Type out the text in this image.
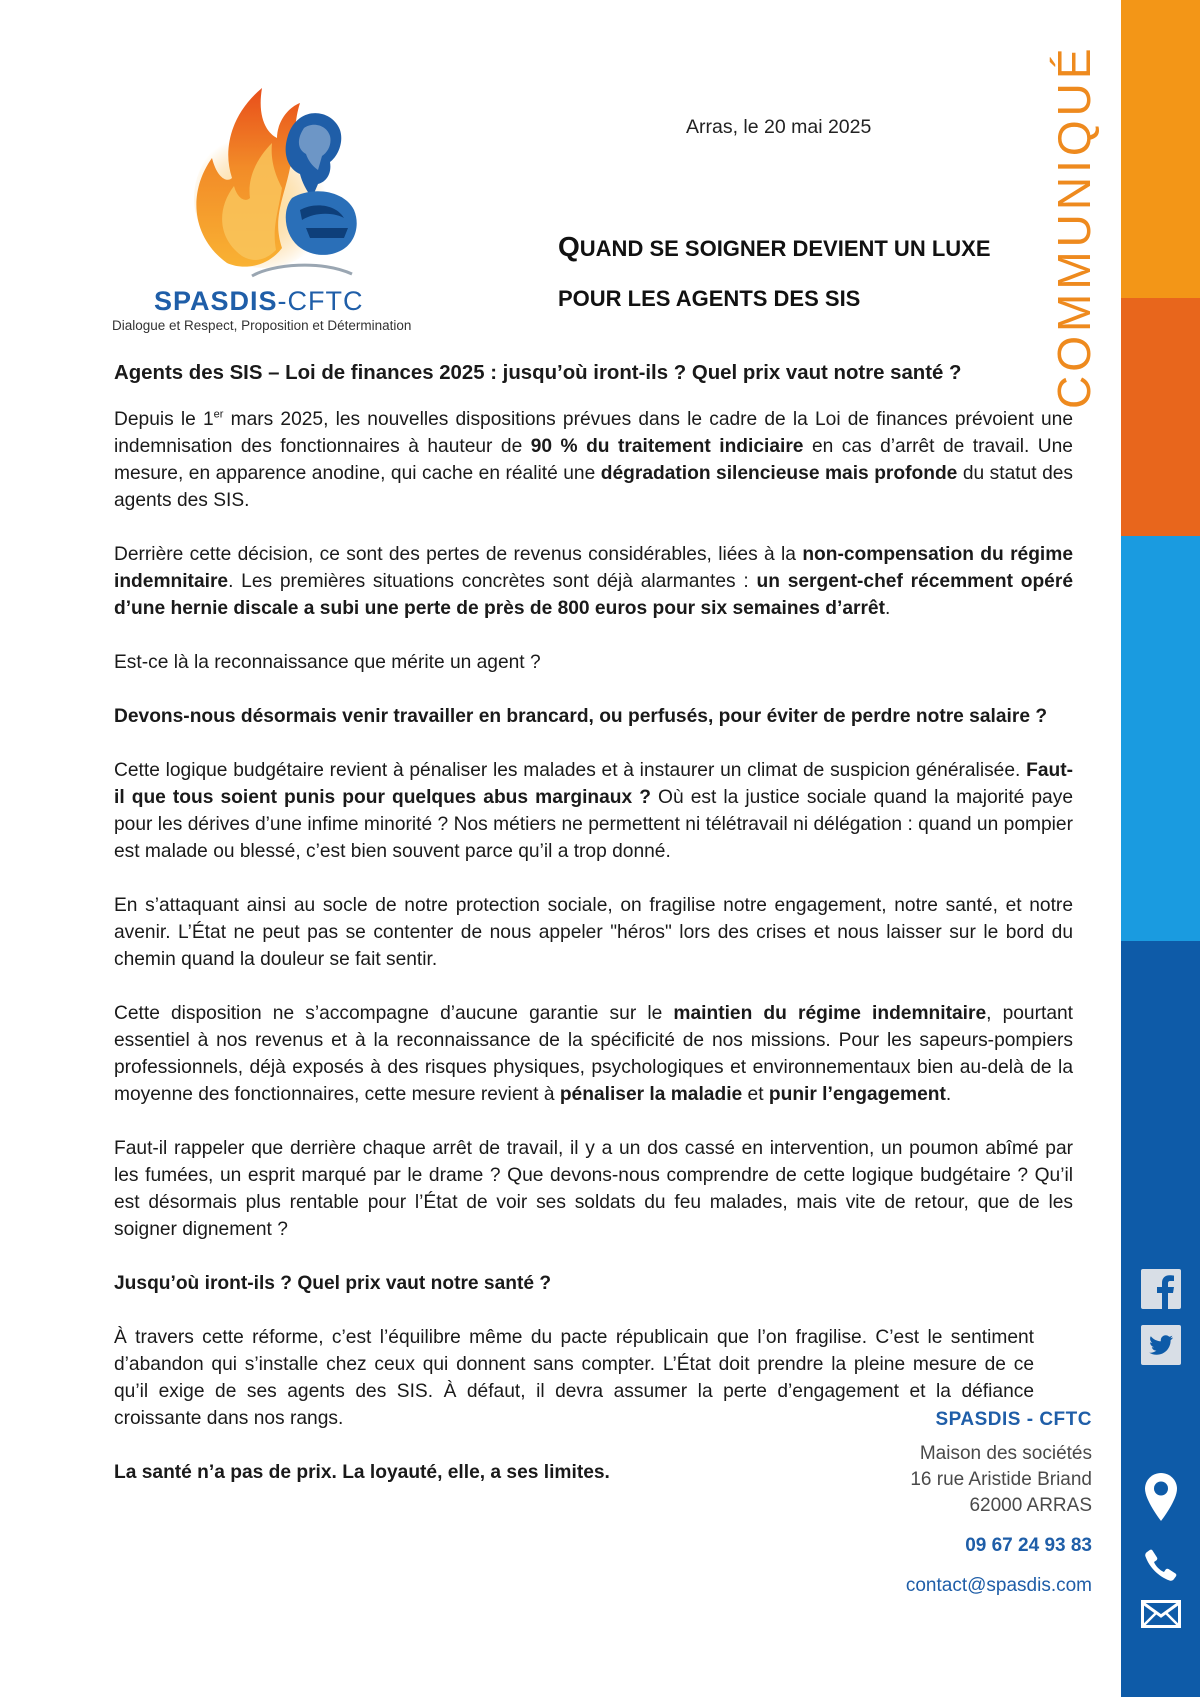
COMMUNIQUÉ
SPASDIS-CFTC
Dialogue et Respect, Proposition et Détermination
Arras, le 20 mai 2025
QUAND SE SOIGNER DEVIENT UN LUXE
POUR LES AGENTS DES SIS

Agents des SIS – Loi de finances 2025 : jusqu’où iront-ils ? Quel prix vaut notre santé ?

Depuis le 1er mars 2025, les nouvelles dispositions prévues dans le cadre de la Loi de finances prévoient une indemnisation des fonctionnaires à hauteur de 90 % du traitement indiciaire en cas d’arrêt de travail. Une mesure, en apparence anodine, qui cache en réalité une dégradation silencieuse mais profonde du statut des agents des SIS.

Derrière cette décision, ce sont des pertes de revenus considérables, liées à la non-compensation du régime indemnitaire. Les premières situations concrètes sont déjà alarmantes : un sergent-chef récemment opéré d’une hernie discale a subi une perte de près de 800 euros pour six semaines d’arrêt.

Est-ce là la reconnaissance que mérite un agent ?

Devons-nous désormais venir travailler en brancard, ou perfusés, pour éviter de perdre notre salaire ?

Cette logique budgétaire revient à pénaliser les malades et à instaurer un climat de suspicion généralisée. Faut-il que tous soient punis pour quelques abus marginaux ? Où est la justice sociale quand la majorité paye pour les dérives d’une infime minorité ? Nos métiers ne permettent ni télétravail ni délégation : quand un pompier est malade ou blessé, c’est bien souvent parce qu’il a trop donné.

En s’attaquant ainsi au socle de notre protection sociale, on fragilise notre engagement, notre santé, et notre avenir. L’État ne peut pas se contenter de nous appeler "héros" lors des crises et nous laisser sur le bord du chemin quand la douleur se fait sentir.

Cette disposition ne s’accompagne d’aucune garantie sur le maintien du régime indemnitaire, pourtant essentiel à nos revenus et à la reconnaissance de la spécificité de nos missions. Pour les sapeurs-pompiers professionnels, déjà exposés à des risques physiques, psychologiques et environnementaux bien au-delà de la moyenne des fonctionnaires, cette mesure revient à pénaliser la maladie et punir l’engagement.

Faut-il rappeler que derrière chaque arrêt de travail, il y a un dos cassé en intervention, un poumon abîmé par les fumées, un esprit marqué par le drame ? Que devons-nous comprendre de cette logique budgétaire ? Qu’il est désormais plus rentable pour l’État de voir ses soldats du feu malades, mais vite de retour, que de les soigner dignement ?

Jusqu’où iront-ils ? Quel prix vaut notre santé ?

À travers cette réforme, c’est l’équilibre même du pacte républicain que l’on fragilise. C’est le sentiment d’abandon qui s’installe chez ceux qui donnent sans compter. L’État doit prendre la pleine mesure de ce qu’il exige de ses agents des SIS. À défaut, il devra assumer la perte d’engagement et la défiance croissante dans nos rangs.

La santé n’a pas de prix. La loyauté, elle, a ses limites.

SPASDIS - CFTC
Maison des sociétés
16 rue Aristide Briand
62000 ARRAS
09 67 24 93 83
contact@spasdis.com
